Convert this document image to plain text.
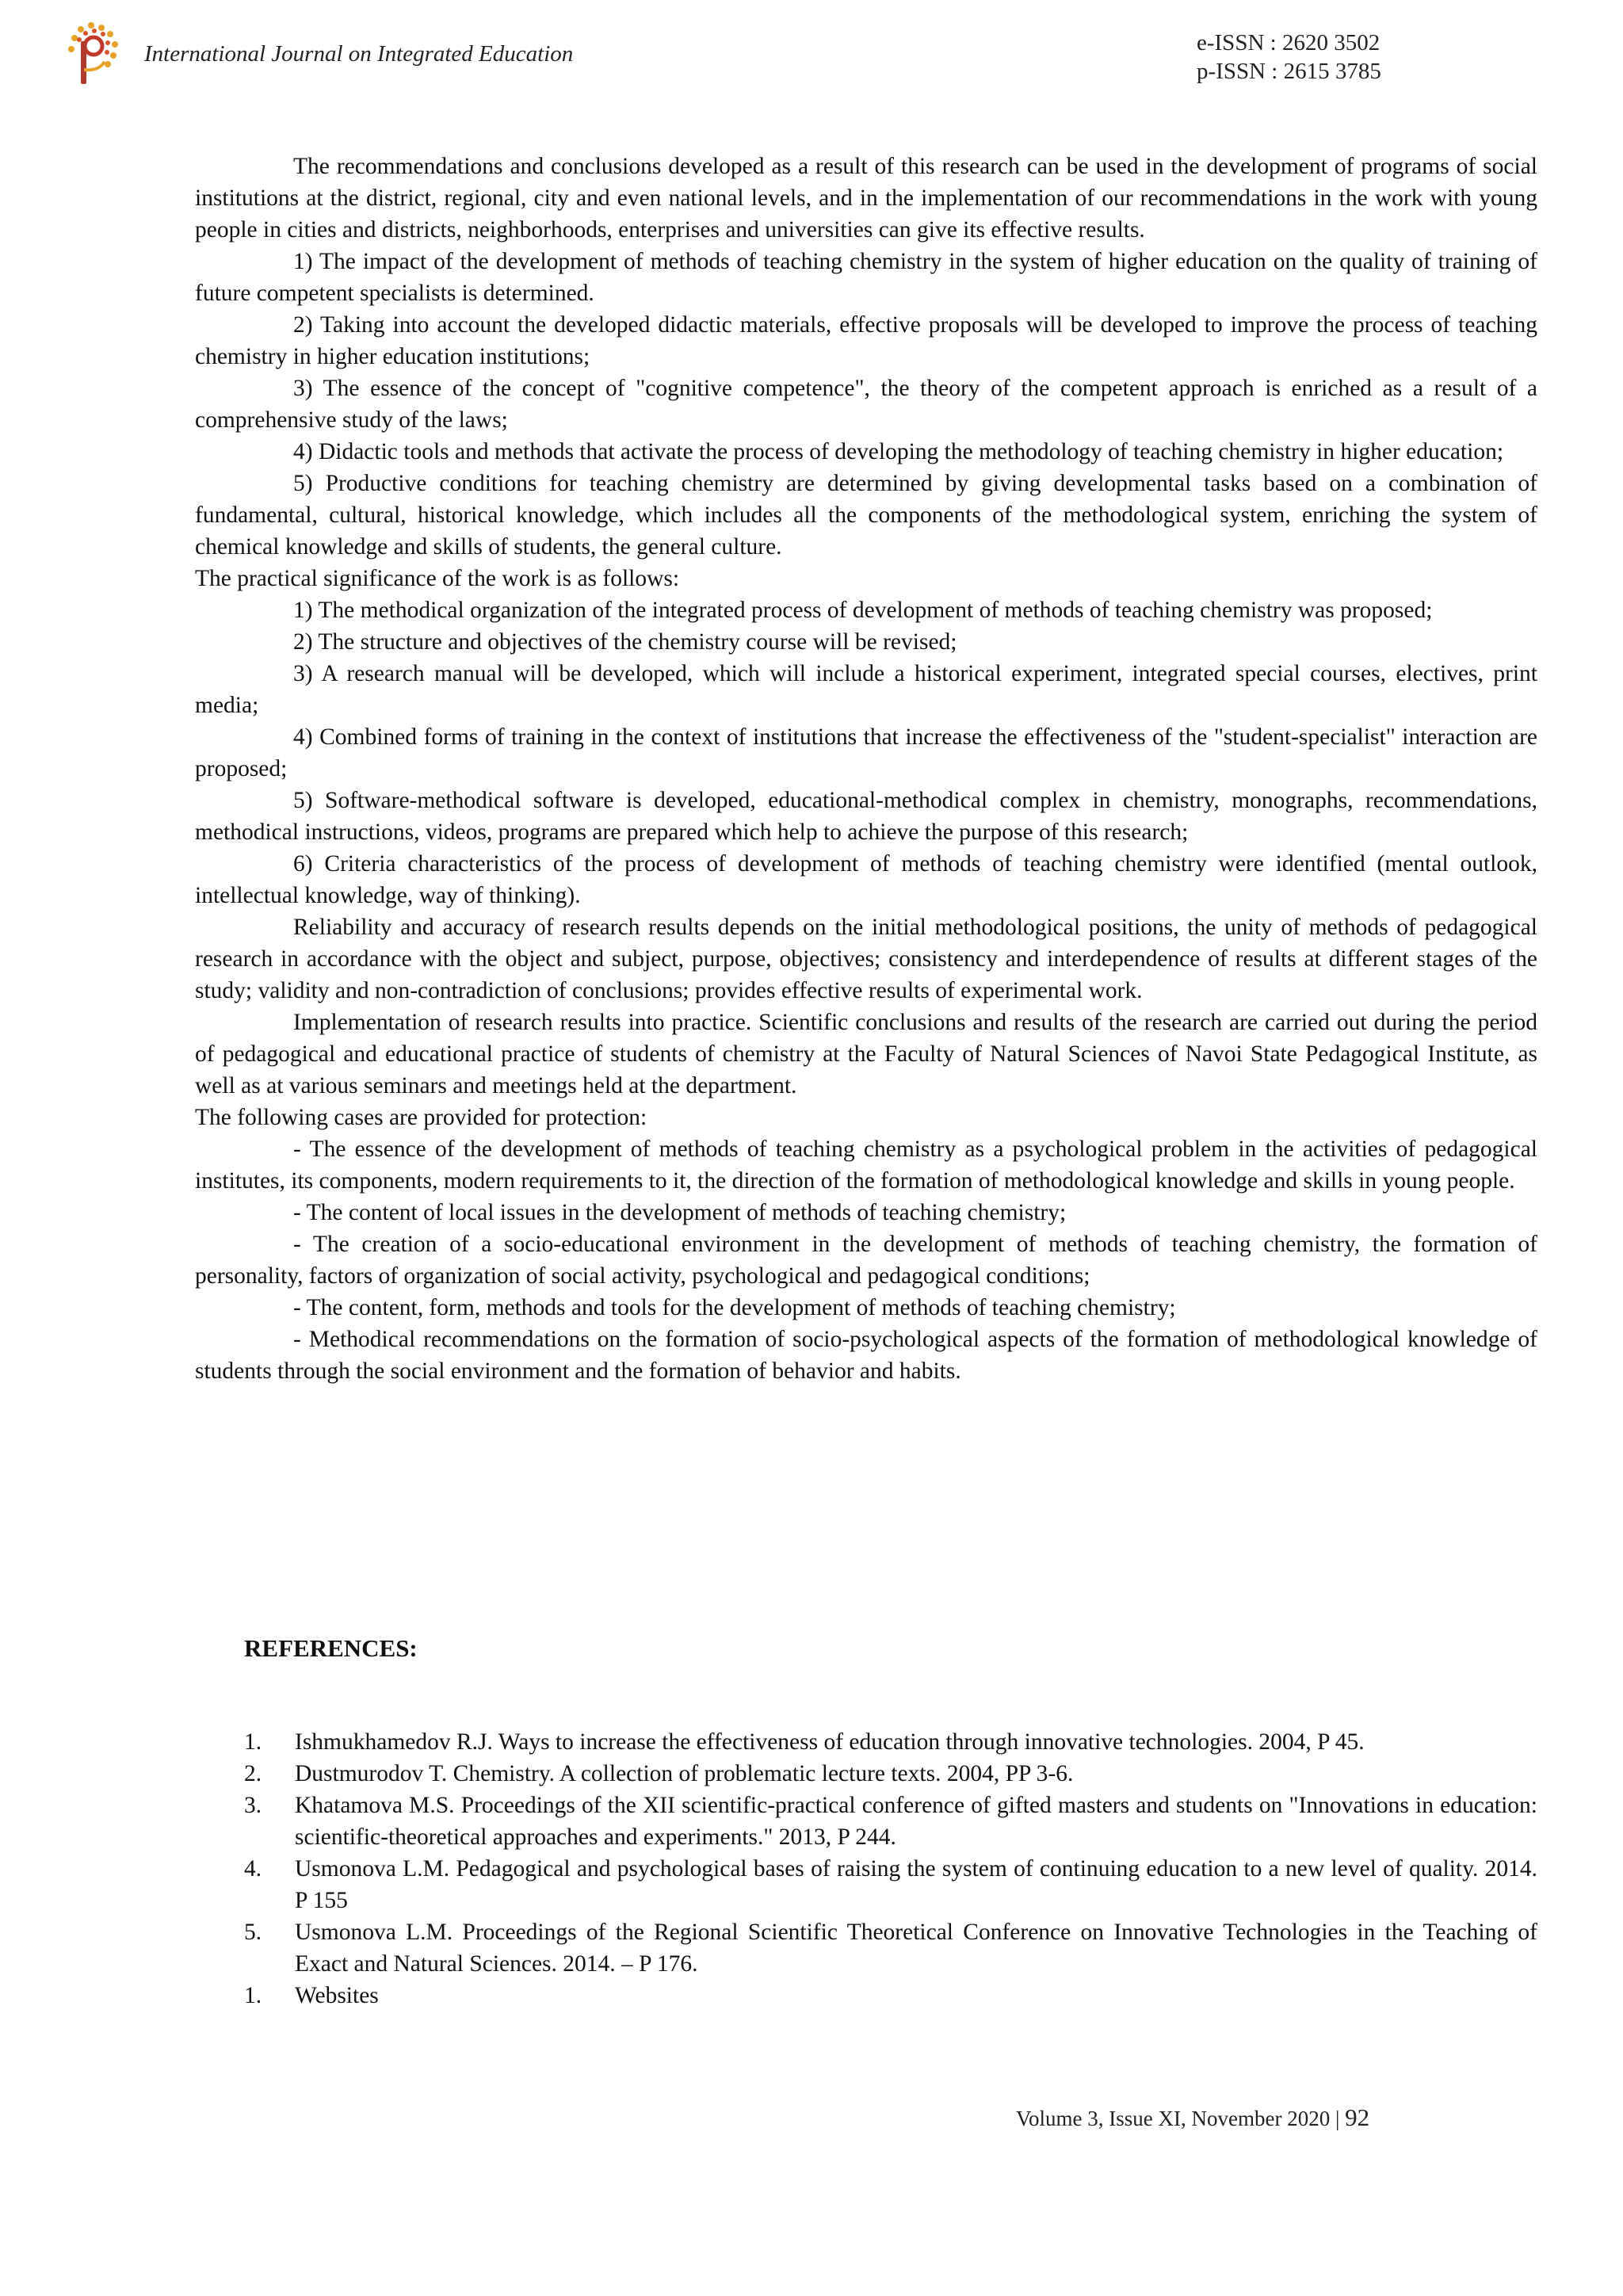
International Journal on Integrated Education	e-ISSN : 2620 3502
p-ISSN : 2615 3785

The recommendations and conclusions developed as a result of this research can be used in the development of programs of social institutions at the district, regional, city and even national levels, and in the implementation of our recommendations in the work with young people in cities and districts, neighborhoods, enterprises and universities can give its effective results.

1) The impact of the development of methods of teaching chemistry in the system of higher education on the quality of training of future competent specialists is determined.

2) Taking into account the developed didactic materials, effective proposals will be developed to improve the process of teaching chemistry in higher education institutions;

3) The essence of the concept of "cognitive competence", the theory of the competent approach is enriched as a result of a comprehensive study of the laws;

4) Didactic tools and methods that activate the process of developing the methodology of teaching chemistry in higher education;

5) Productive conditions for teaching chemistry are determined by giving developmental tasks based on a combination of fundamental, cultural, historical knowledge, which includes all the components of the methodological system, enriching the system of chemical knowledge and skills of students, the general culture.

The practical significance of the work is as follows:

1) The methodical organization of the integrated process of development of methods of teaching chemistry was proposed;

2) The structure and objectives of the chemistry course will be revised;

3) A research manual will be developed, which will include a historical experiment, integrated special courses, electives, print media;

4) Combined forms of training in the context of institutions that increase the effectiveness of the "student-specialist" interaction are proposed;

5) Software-methodical software is developed, educational-methodical complex in chemistry, monographs, recommendations, methodical instructions, videos, programs are prepared which help to achieve the purpose of this research;

6) Criteria characteristics of the process of development of methods of teaching chemistry were identified (mental outlook, intellectual knowledge, way of thinking).

Reliability and accuracy of research results depends on the initial methodological positions, the unity of methods of pedagogical research in accordance with the object and subject, purpose, objectives; consistency and interdependence of results at different stages of the study; validity and non-contradiction of conclusions; provides effective results of experimental work.

Implementation of research results into practice. Scientific conclusions and results of the research are carried out during the period of pedagogical and educational practice of students of chemistry at the Faculty of Natural Sciences of Navoi State Pedagogical Institute, as well as at various seminars and meetings held at the department.

The following cases are provided for protection:

- The essence of the development of methods of teaching chemistry as a psychological problem in the activities of pedagogical institutes, its components, modern requirements to it, the direction of the formation of methodological knowledge and skills in young people.

- The content of local issues in the development of methods of teaching chemistry;

- The creation of a socio-educational environment in the development of methods of teaching chemistry, the formation of personality, factors of organization of social activity, psychological and pedagogical conditions;

- The content, form, methods and tools for the development of methods of teaching chemistry;

- Methodical recommendations on the formation of socio-psychological aspects of the formation of methodological knowledge of students through the social environment and the formation of behavior and habits.

REFERENCES:
1.	Ishmukhamedov R.J. Ways to increase the effectiveness of education through innovative technologies. 2004, P 45.
2.	Dustmurodov T. Chemistry. A collection of problematic lecture texts. 2004, PP 3-6.
3.	Khatamova M.S. Proceedings of the XII scientific-practical conference of gifted masters and students on "Innovations in education: scientific-theoretical approaches and experiments." 2013, P 244.
4.	Usmonova L.M. Pedagogical and psychological bases of raising the system of continuing education to a new level of quality. 2014. P 155
5.	Usmonova L.M. Proceedings of the Regional Scientific Theoretical Conference on Innovative Technologies in the Teaching of Exact and Natural Sciences. 2014. – P 176.
1.	Websites
Volume 3, Issue XI, November 2020 | 92
